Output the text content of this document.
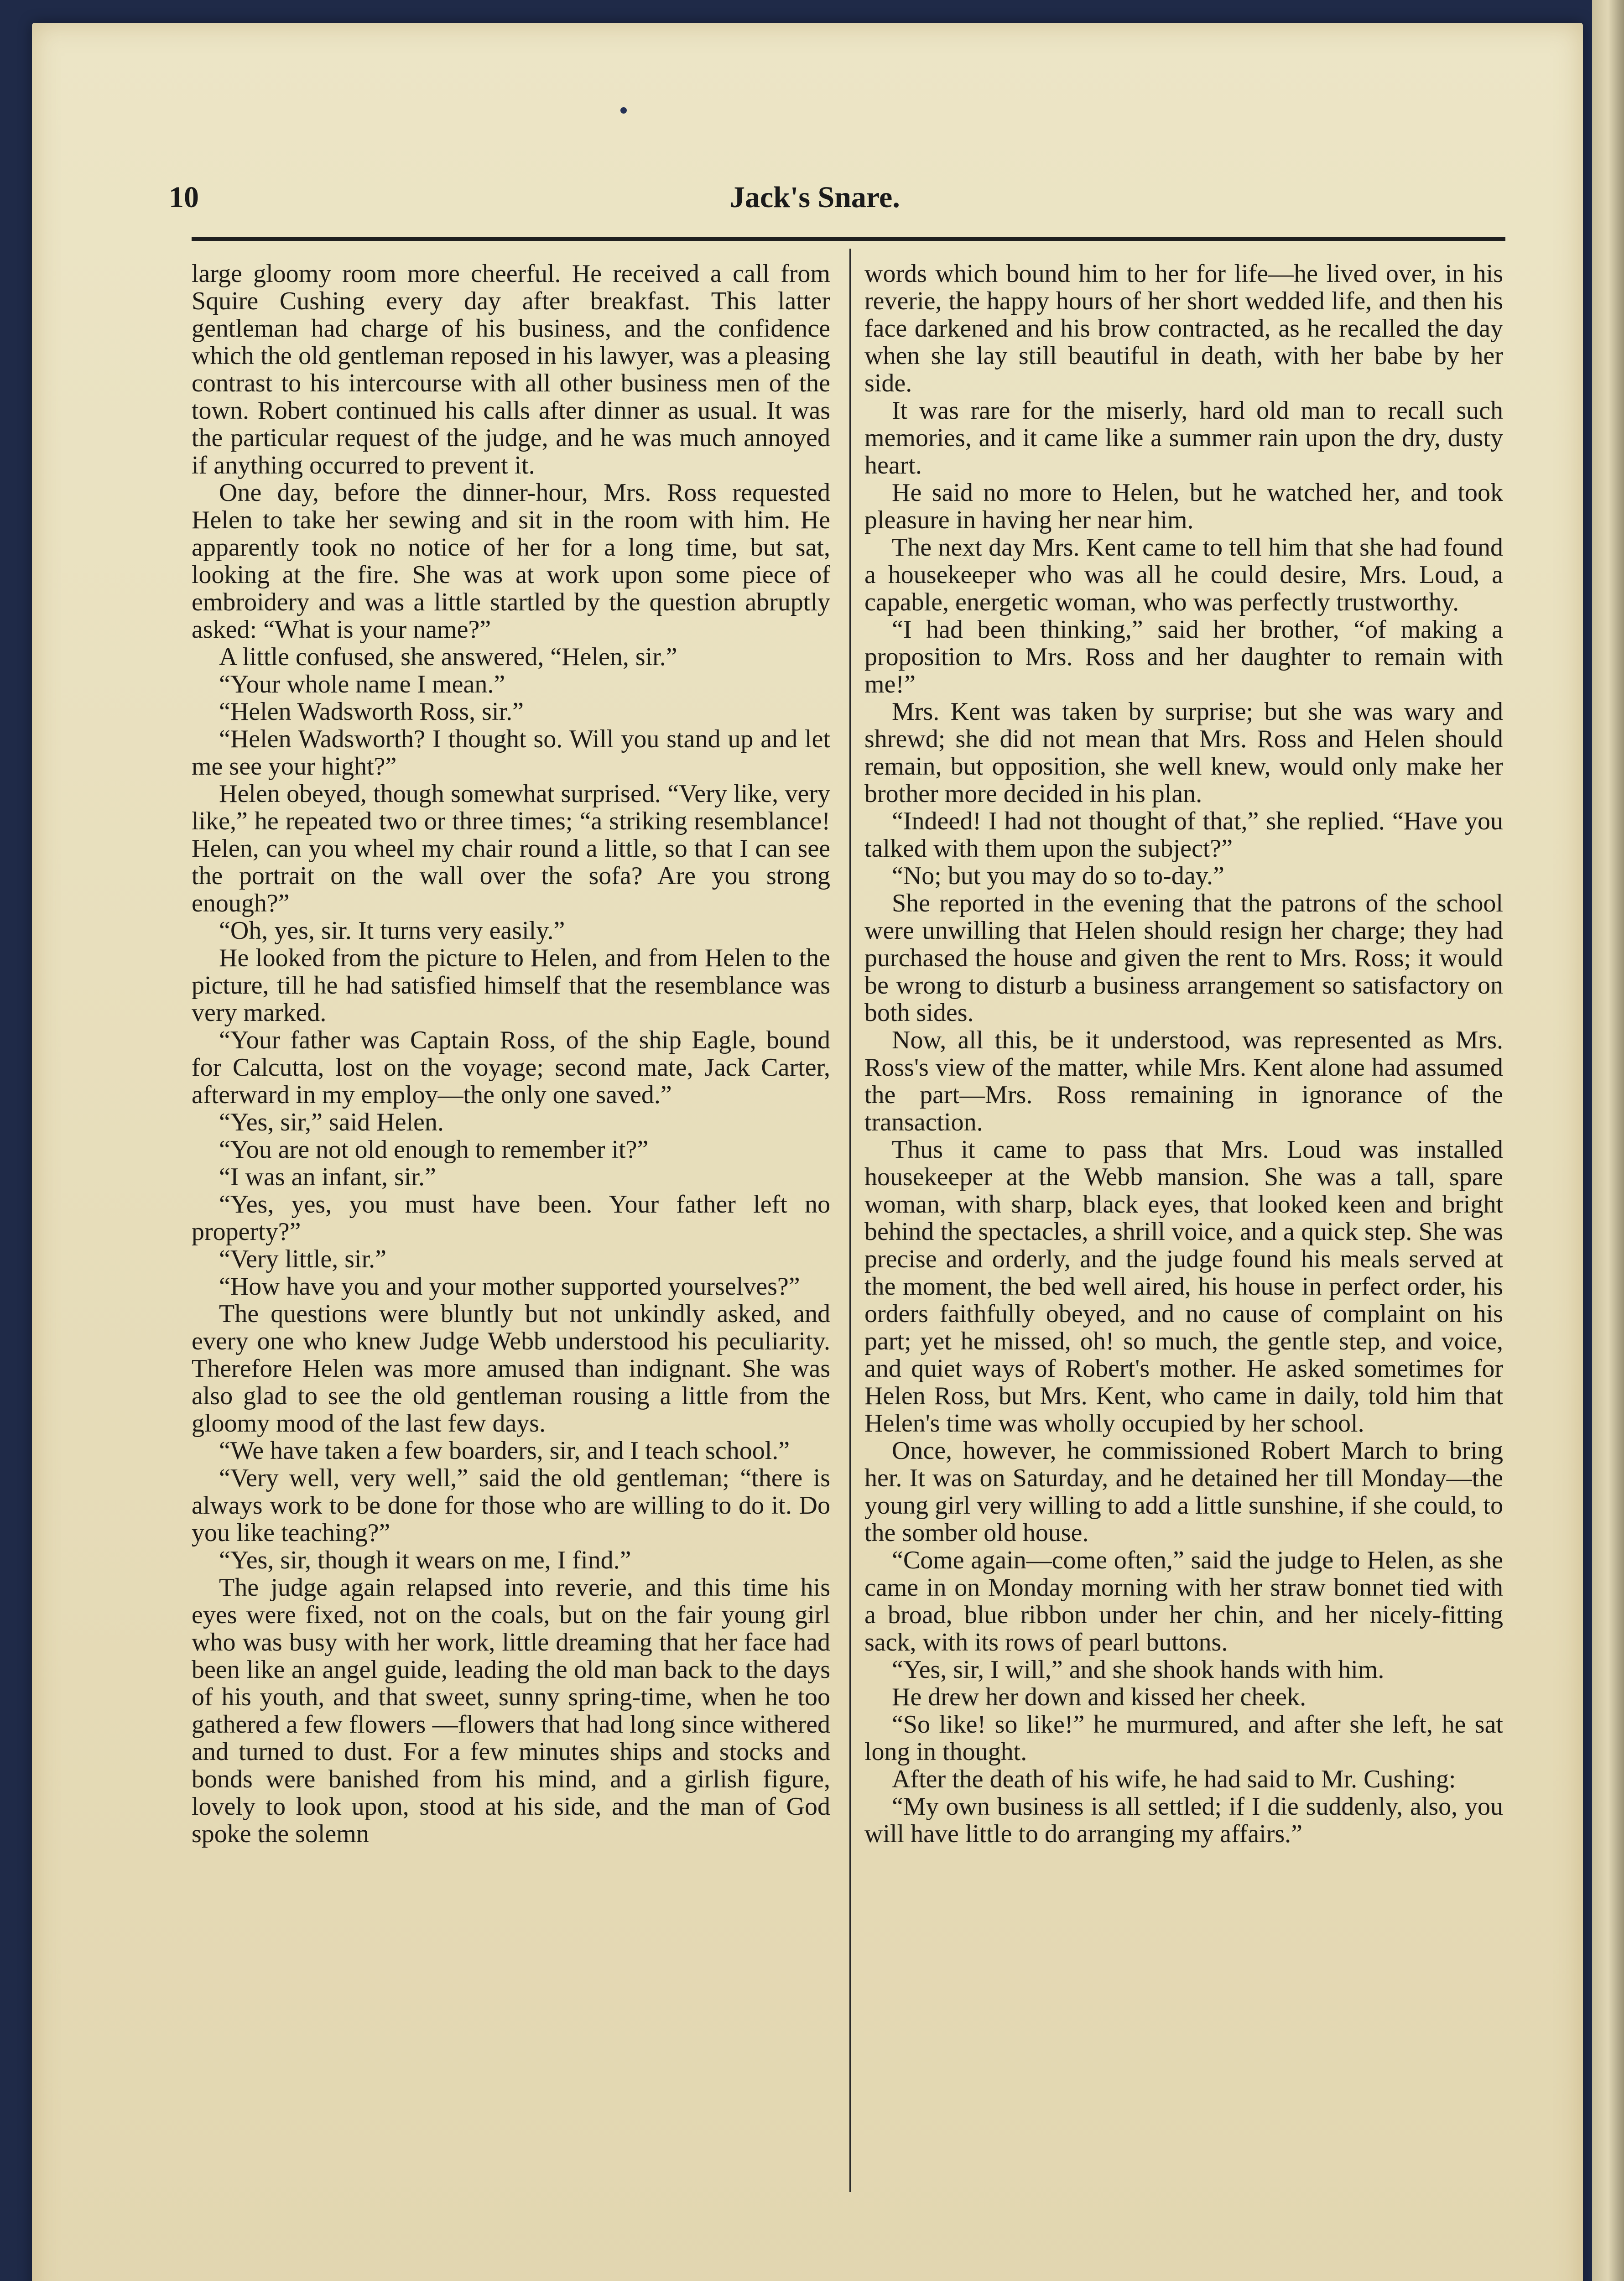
10	Jack's Snare.

large gloomy room more cheerful. He received a call from Squire Cushing every day after breakfast. This latter gentleman had charge of his business, and the confidence which the old gentleman reposed in his lawyer, was a pleasing contrast to his intercourse with all other business men of the town. Robert continued his calls after dinner as usual. It was the particular request of the judge, and he was much annoyed if anything occurred to prevent it.

One day, before the dinner-hour, Mrs. Ross requested Helen to take her sewing and sit in the room with him. He apparently took no notice of her for a long time, but sat, looking at the fire. She was at work upon some piece of embroidery and was a little startled by the question abruptly asked: “What is your name?”

A little confused, she answered, “Helen, sir.”

“Your whole name I mean.”

“Helen Wadsworth Ross, sir.”

“Helen Wadsworth? I thought so. Will you stand up and let me see your hight?”

Helen obeyed, though somewhat surprised. “Very like, very like,” he repeated two or three times; “a striking resemblance! Helen, can you wheel my chair round a little, so that I can see the portrait on the wall over the sofa? Are you strong enough?”

“Oh, yes, sir. It turns very easily.”

He looked from the picture to Helen, and from Helen to the picture, till he had satisfied himself that the resemblance was very marked.

“Your father was Captain Ross, of the ship Eagle, bound for Calcutta, lost on the voyage; second mate, Jack Carter, afterward in my employ—the only one saved.”

“Yes, sir,” said Helen.

“You are not old enough to remember it?”

“I was an infant, sir.”

“Yes, yes, you must have been. Your father left no property?”

“Very little, sir.”

“How have you and your mother supported yourselves?”

The questions were bluntly but not unkindly asked, and every one who knew Judge Webb understood his peculiarity. Therefore Helen was more amused than indignant. She was also glad to see the old gentleman rousing a little from the gloomy mood of the last few days.

“We have taken a few boarders, sir, and I teach school.”

“Very well, very well,” said the old gentleman; “there is always work to be done for those who are willing to do it. Do you like teaching?”

“Yes, sir, though it wears on me, I find.”

The judge again relapsed into reverie, and this time his eyes were fixed, not on the coals, but on the fair young girl who was busy with her work, little dreaming that her face had been like an angel guide, leading the old man back to the days of his youth, and that sweet, sunny spring-time, when he too gathered a few flowers —flowers that had long since withered and turned to dust. For a few minutes ships and stocks and bonds were banished from his mind, and a girlish figure, lovely to look upon, stood at his side, and the man of God spoke the solemn

words which bound him to her for life—he lived over, in his reverie, the happy hours of her short wedded life, and then his face darkened and his brow contracted, as he recalled the day when she lay still beautiful in death, with her babe by her side.

It was rare for the miserly, hard old man to recall such memories, and it came like a summer rain upon the dry, dusty heart.

He said no more to Helen, but he watched her, and took pleasure in having her near him.

The next day Mrs. Kent came to tell him that she had found a housekeeper who was all he could desire, Mrs. Loud, a capable, energetic woman, who was perfectly trustworthy.

“I had been thinking,” said her brother, “of making a proposition to Mrs. Ross and her daughter to remain with me!”

Mrs. Kent was taken by surprise; but she was wary and shrewd; she did not mean that Mrs. Ross and Helen should remain, but opposition, she well knew, would only make her brother more decided in his plan.

“Indeed! I had not thought of that,” she replied. “Have you talked with them upon the subject?”

“No; but you may do so to-day.”

She reported in the evening that the patrons of the school were unwilling that Helen should resign her charge; they had purchased the house and given the rent to Mrs. Ross; it would be wrong to disturb a business arrangement so satisfactory on both sides.

Now, all this, be it understood, was represented as Mrs. Ross's view of the matter, while Mrs. Kent alone had assumed the part—Mrs. Ross remaining in ignorance of the transaction.

Thus it came to pass that Mrs. Loud was installed housekeeper at the Webb mansion. She was a tall, spare woman, with sharp, black eyes, that looked keen and bright behind the spectacles, a shrill voice, and a quick step. She was precise and orderly, and the judge found his meals served at the moment, the bed well aired, his house in perfect order, his orders faithfully obeyed, and no cause of complaint on his part; yet he missed, oh! so much, the gentle step, and voice, and quiet ways of Robert's mother. He asked sometimes for Helen Ross, but Mrs. Kent, who came in daily, told him that Helen's time was wholly occupied by her school.

Once, however, he commissioned Robert March to bring her. It was on Saturday, and he detained her till Monday—the young girl very willing to add a little sunshine, if she could, to the somber old house.

“Come again—come often,” said the judge to Helen, as she came in on Monday morning with her straw bonnet tied with a broad, blue ribbon under her chin, and her nicely-fitting sack, with its rows of pearl buttons.

“Yes, sir, I will,” and she shook hands with him.

He drew her down and kissed her cheek.

“So like! so like!” he murmured, and after she left, he sat long in thought.

After the death of his wife, he had said to Mr. Cushing:

“My own business is all settled; if I die suddenly, also, you will have little to do arranging my affairs.”
